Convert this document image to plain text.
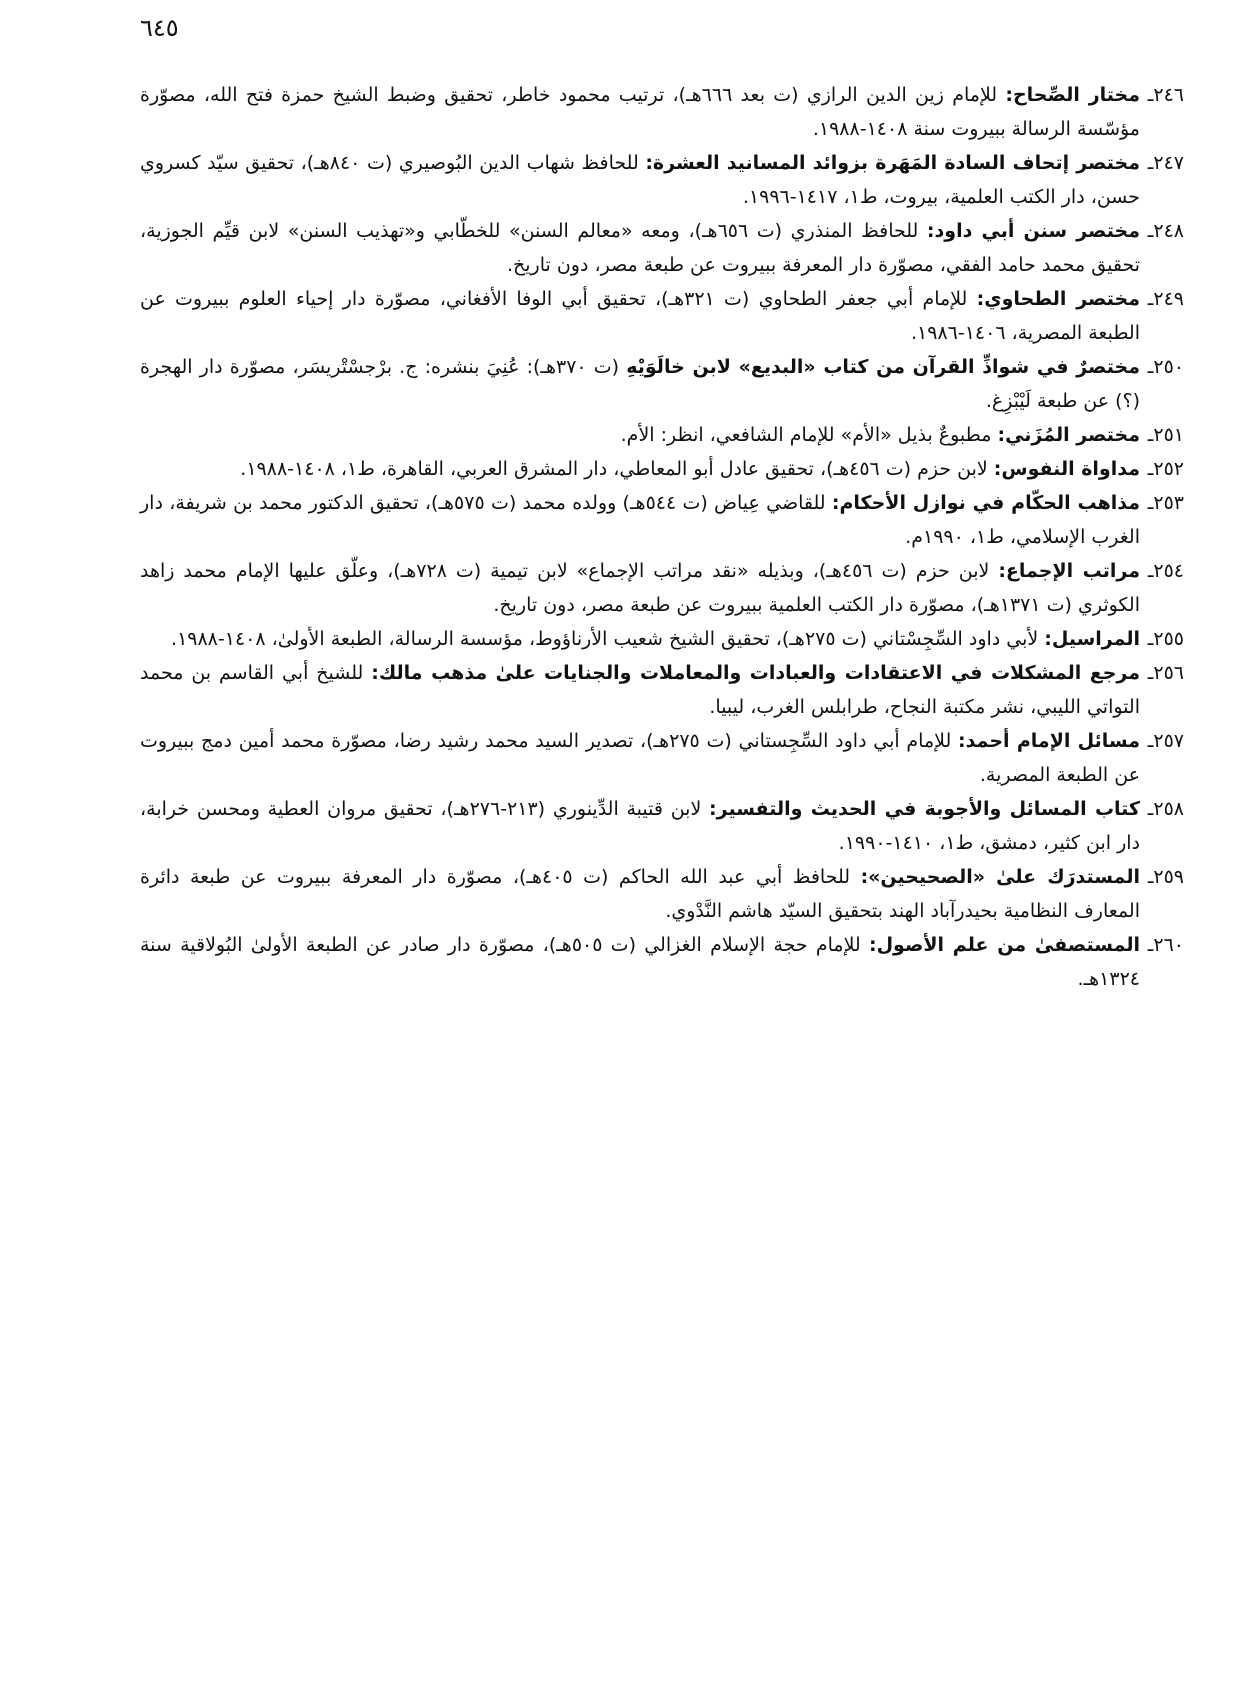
٦٤٥

٢٤٦ـمختار الصِّحاح: للإمام زين الدين الرازي (ت بعد ٦٦٦هـ)، ترتيب محمود خاطر، تحقيق وضبط الشيخ حمزة فتح الله، مصوّرة مؤسّسة الرسالة ببيروت سنة ١٤٠٨-١٩٨٨.

٢٤٧ـمختصر إتحاف السادة المَهَرة بزوائد المسانيد العشرة: للحافظ شهاب الدين البُوصيري (ت ٨٤٠هـ)، تحقيق سيّد كسروي حسن، دار الكتب العلمية، بيروت، ط١، ١٤١٧-١٩٩٦.

٢٤٨ـمختصر سنن أبي داود: للحافظ المنذري (ت ٦٥٦هـ)، ومعه «معالم السنن» للخطّابي و«تهذيب السنن» لابن قيِّم الجوزية، تحقيق محمد حامد الفقي، مصوّرة دار المعرفة ببيروت عن طبعة مصر، دون تاريخ.

٢٤٩ـمختصر الطحاوي: للإمام أبي جعفر الطحاوي (ت ٣٢١هـ)، تحقيق أبي الوفا الأفغاني، مصوّرة دار إحياء العلوم ببيروت عن الطبعة المصرية، ١٤٠٦-١٩٨٦.

٢٥٠ـمختصرٌ في شواذِّ القرآن من كتاب «البديع» لابن خالَوَيْهِ (ت ٣٧٠هـ): عُنِيَ بنشره: ج. برْجسْتْريسَر، مصوّرة دار الهجرة (؟) عن طبعة لَيْبْزِغ.

٢٥١ـمختصر المُزَني: مطبوعٌ بذيل «الأم» للإمام الشافعي، انظر: الأم.

٢٥٢ـمداواة النفوس: لابن حزم (ت ٤٥٦هـ)، تحقيق عادل أبو المعاطي، دار المشرق العربي، القاهرة، ط١، ١٤٠٨-١٩٨٨.

٢٥٣ـمذاهب الحكّام في نوازل الأحكام: للقاضي عِياض (ت ٥٤٤هـ) وولده محمد (ت ٥٧٥هـ)، تحقيق الدكتور محمد بن شريفة، دار الغرب الإسلامي، ط١، ١٩٩٠م.

٢٥٤ـمراتب الإجماع: لابن حزم (ت ٤٥٦هـ)، وبذيله «نقد مراتب الإجماع» لابن تيمية (ت ٧٢٨هـ)، وعلّق عليها الإمام محمد زاهد الكوثري (ت ١٣٧١هـ)، مصوّرة دار الكتب العلمية ببيروت عن طبعة مصر، دون تاريخ.

٢٥٥ـالمراسيل: لأبي داود السِّجِسْتاني (ت ٢٧٥هـ)، تحقيق الشيخ شعيب الأرناؤوط، مؤسسة الرسالة، الطبعة الأولىٰ، ١٤٠٨-١٩٨٨.

٢٥٦ـمرجع المشكلات في الاعتقادات والعبادات والمعاملات والجنايات علىٰ مذهب مالك: للشيخ أبي القاسم بن محمد التواتي الليبي، نشر مكتبة النجاح، طرابلس الغرب، ليبيا.

٢٥٧ـمسائل الإمام أحمد: للإمام أبي داود السِّجِستاني (ت ٢٧٥هـ)، تصدير السيد محمد رشيد رضا، مصوّرة محمد أمين دمج ببيروت عن الطبعة المصرية.

٢٥٨ـكتاب المسائل والأجوبة في الحديث والتفسير: لابن قتيبة الدِّينوري (٢١٣-٢٧٦هـ)، تحقيق مروان العطية ومحسن خرابة، دار ابن كثير، دمشق، ط١، ١٤١٠-١٩٩٠.

٢٥٩ـالمستدرَك علىٰ «الصحيحين»: للحافظ أبي عبد الله الحاكم (ت ٤٠٥هـ)، مصوّرة دار المعرفة ببيروت عن طبعة دائرة المعارف النظامية بحيدرآباد الهند بتحقيق السيّد هاشم النَّدْوي.

٢٦٠ـالمستصفىٰ من علم الأصول: للإمام حجة الإسلام الغزالي (ت ٥٠٥هـ)، مصوّرة دار صادر عن الطبعة الأولىٰ البُولاقية سنة ١٣٢٤هـ.
